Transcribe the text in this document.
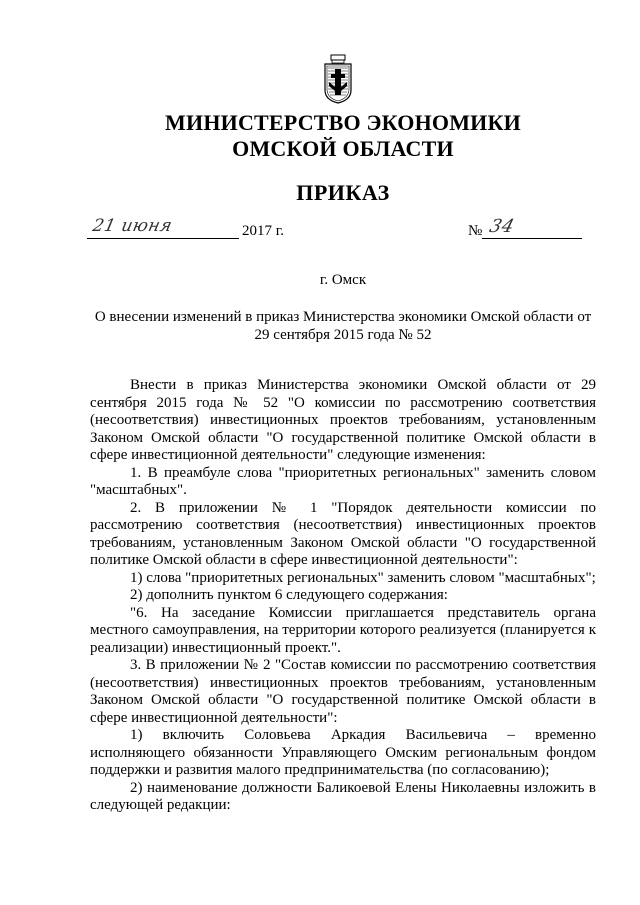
МИНИСТЕРСТВО ЭКОНОМИКИ
ОМСКОЙ ОБЛАСТИ
ПРИКАЗ
21 июня	2017 г.	№ 34
г. Омск
О внесении изменений в приказ Министерства экономики Омской области от 29 сентября 2015 года № 52

Внести в приказ Министерства экономики Омской области от 29 сентября 2015 года № 52 "О комиссии по рассмотрению соответствия (несоответствия) инвестиционных проектов требованиям, установленным Законом Омской области "О государственной политике Омской области в сфере инвестиционной деятельности" следующие изменения:

1. В преамбуле слова "приоритетных региональных" заменить словом "масштабных".

2. В приложении № 1 "Порядок деятельности комиссии по рассмотрению соответствия (несоответствия) инвестиционных проектов требованиям, установленным Законом Омской области "О государственной политике Омской области в сфере инвестиционной деятельности":

1) слова "приоритетных региональных" заменить словом "масштабных";

2) дополнить пунктом 6 следующего содержания:

"6. На заседание Комиссии приглашается представитель органа местного самоуправления, на территории которого реализуется (планируется к реализации) инвестиционный проект.".

3. В приложении № 2 "Состав комиссии по рассмотрению соответствия (несоответствия) инвестиционных проектов требованиям, установленным Законом Омской области "О государственной политике Омской области в сфере инвестиционной деятельности":

1) включить Соловьева Аркадия Васильевича – временно исполняющего обязанности Управляющего Омским региональным фондом поддержки и развития малого предпринимательства (по согласованию);

2) наименование должности Баликоевой Елены Николаевны изложить в следующей редакции:
